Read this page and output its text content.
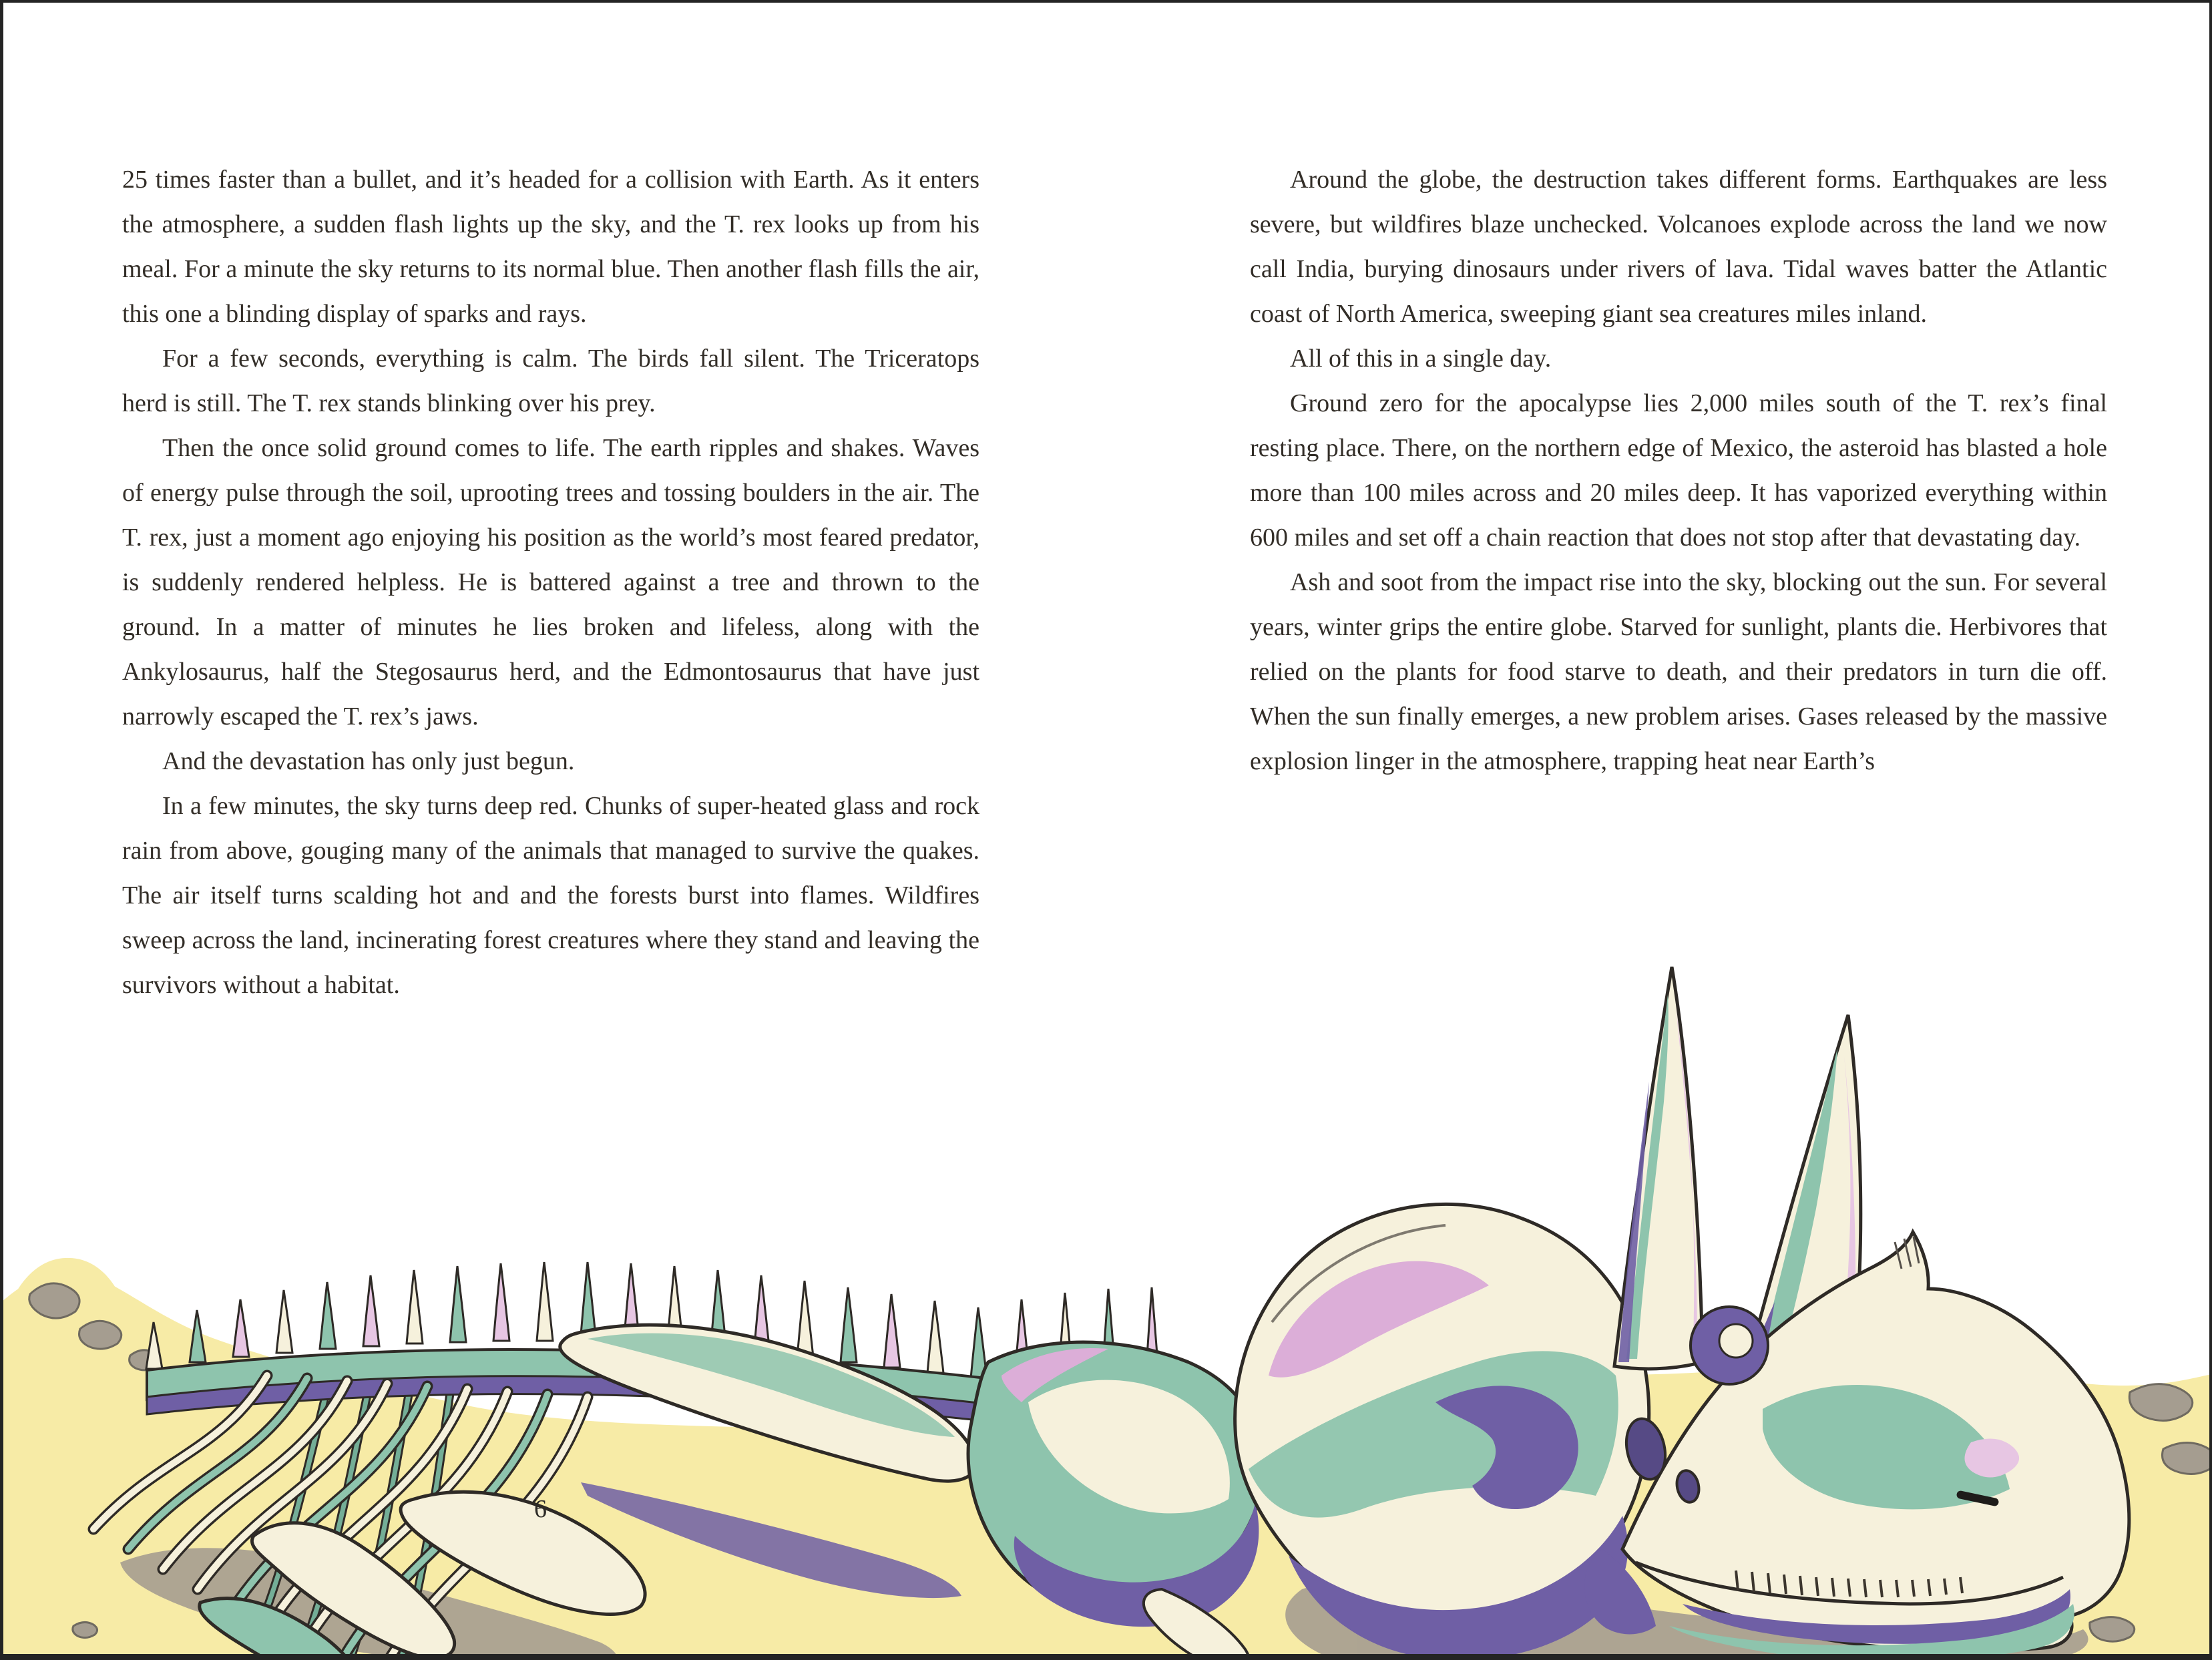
25 times faster than a bullet, and it’s headed for a collision with Earth. As it enters the atmosphere, a sudden flash lights up the sky, and the T. rex looks up from his meal. For a minute the sky returns to its normal blue. Then another flash fills the air, this one a blinding display of sparks and rays.

For a few seconds, everything is calm. The birds fall silent. The Triceratops herd is still. The T. rex stands blinking over his prey.

Then the once solid ground comes to life. The earth ripples and shakes. Waves of energy pulse through the soil, uprooting trees and tossing boulders in the air. The T. rex, just a moment ago enjoying his position as the world’s most feared predator, is suddenly rendered helpless. He is battered against a tree and thrown to the ground. In a matter of minutes he lies broken and lifeless, along with the Ankylosaurus, half the Stegosaurus herd, and the Edmontosaurus that have just narrowly escaped the T. rex’s jaws.

And the devastation has only just begun.

In a few minutes, the sky turns deep red. Chunks of super-heated glass and rock rain from above, gouging many of the animals that managed to survive the quakes. The air itself turns scalding hot and and the forests burst into flames. Wildfires sweep across the land, incinerating forest creatures where they stand and leaving the survivors without a habitat.

Around the globe, the destruction takes different forms. Earthquakes are less severe, but wildfires blaze unchecked. Volcanoes explode across the land we now call India, burying dinosaurs under rivers of lava. Tidal waves batter the Atlantic coast of North America, sweeping giant sea creatures miles inland.

All of this in a single day.

Ground zero for the apocalypse lies 2,000 miles south of the T. rex’s final resting place. There, on the northern edge of Mexico, the asteroid has blasted a hole more than 100 miles across and 20 miles deep. It has vaporized everything within 600 miles and set off a chain reaction that does not stop after that devastating day.

Ash and soot from the impact rise into the sky, blocking out the sun. For several years, winter grips the entire globe. Starved for sunlight, plants die. Herbivores that relied on the plants for food starve to death, and their predators in turn die off. When the sun finally emerges, a new problem arises. Gases released by the massive explosion linger in the atmosphere, trapping heat near Earth’s

6
